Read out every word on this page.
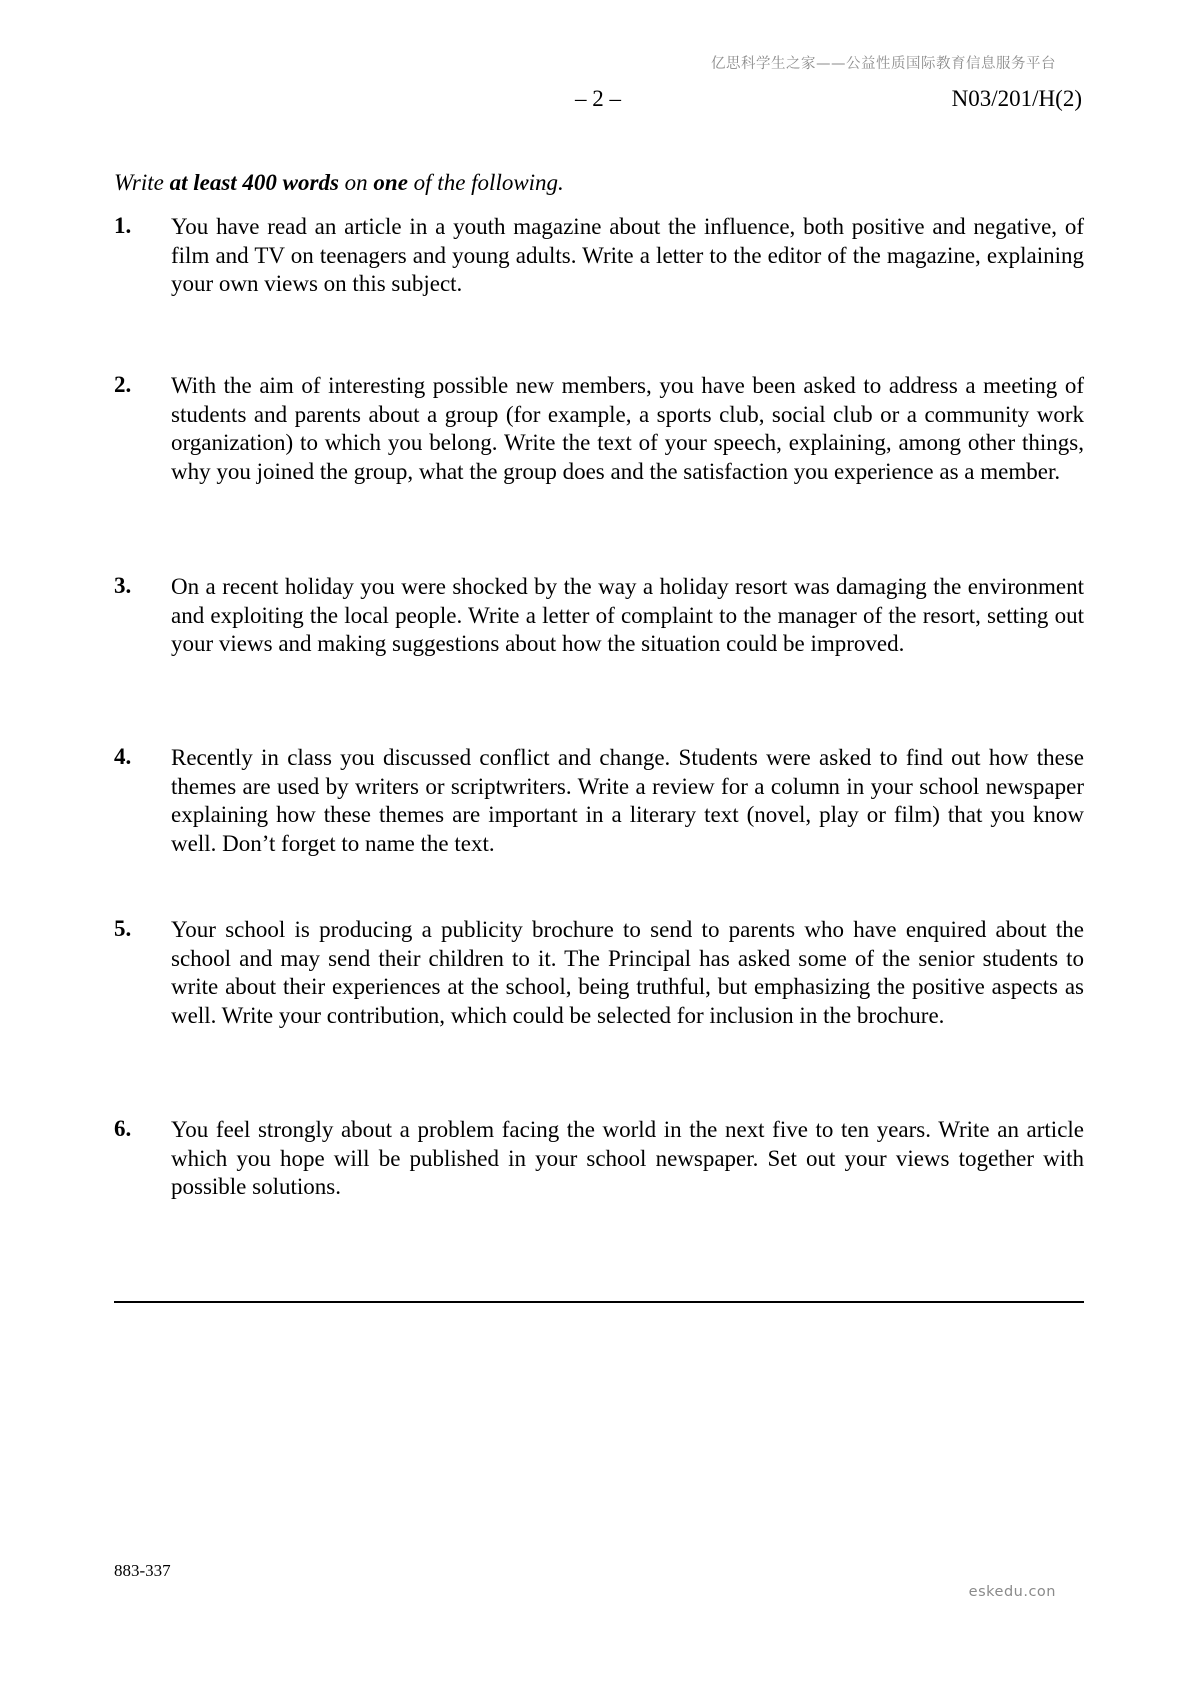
亿思科学生之家——公益性质国际教育信息服务平台
– 2 –	N03/201/H(2)
Write at least 400 words on one of the following.
1. You have read an article in a youth magazine about the influence, both positive and negative, of film and TV on teenagers and young adults. Write a letter to the editor of the magazine, explaining your own views on this subject.
2. With the aim of interesting possible new members, you have been asked to address a meeting of students and parents about a group (for example, a sports club, social club or a community work organization) to which you belong. Write the text of your speech, explaining, among other things, why you joined the group, what the group does and the satisfaction you experience as a member.
3. On a recent holiday you were shocked by the way a holiday resort was damaging the environment and exploiting the local people. Write a letter of complaint to the manager of the resort, setting out your views and making suggestions about how the situation could be improved.
4. Recently in class you discussed conflict and change. Students were asked to find out how these themes are used by writers or scriptwriters. Write a review for a column in your school newspaper explaining how these themes are important in a literary text (novel, play or film) that you know well. Don’t forget to name the text.
5. Your school is producing a publicity brochure to send to parents who have enquired about the school and may send their children to it. The Principal has asked some of the senior students to write about their experiences at the school, being truthful, but emphasizing the positive aspects as well. Write your contribution, which could be selected for inclusion in the brochure.
6. You feel strongly about a problem facing the world in the next five to ten years. Write an article which you hope will be published in your school newspaper. Set out your views together with possible solutions.
883-337
eskedu.con
